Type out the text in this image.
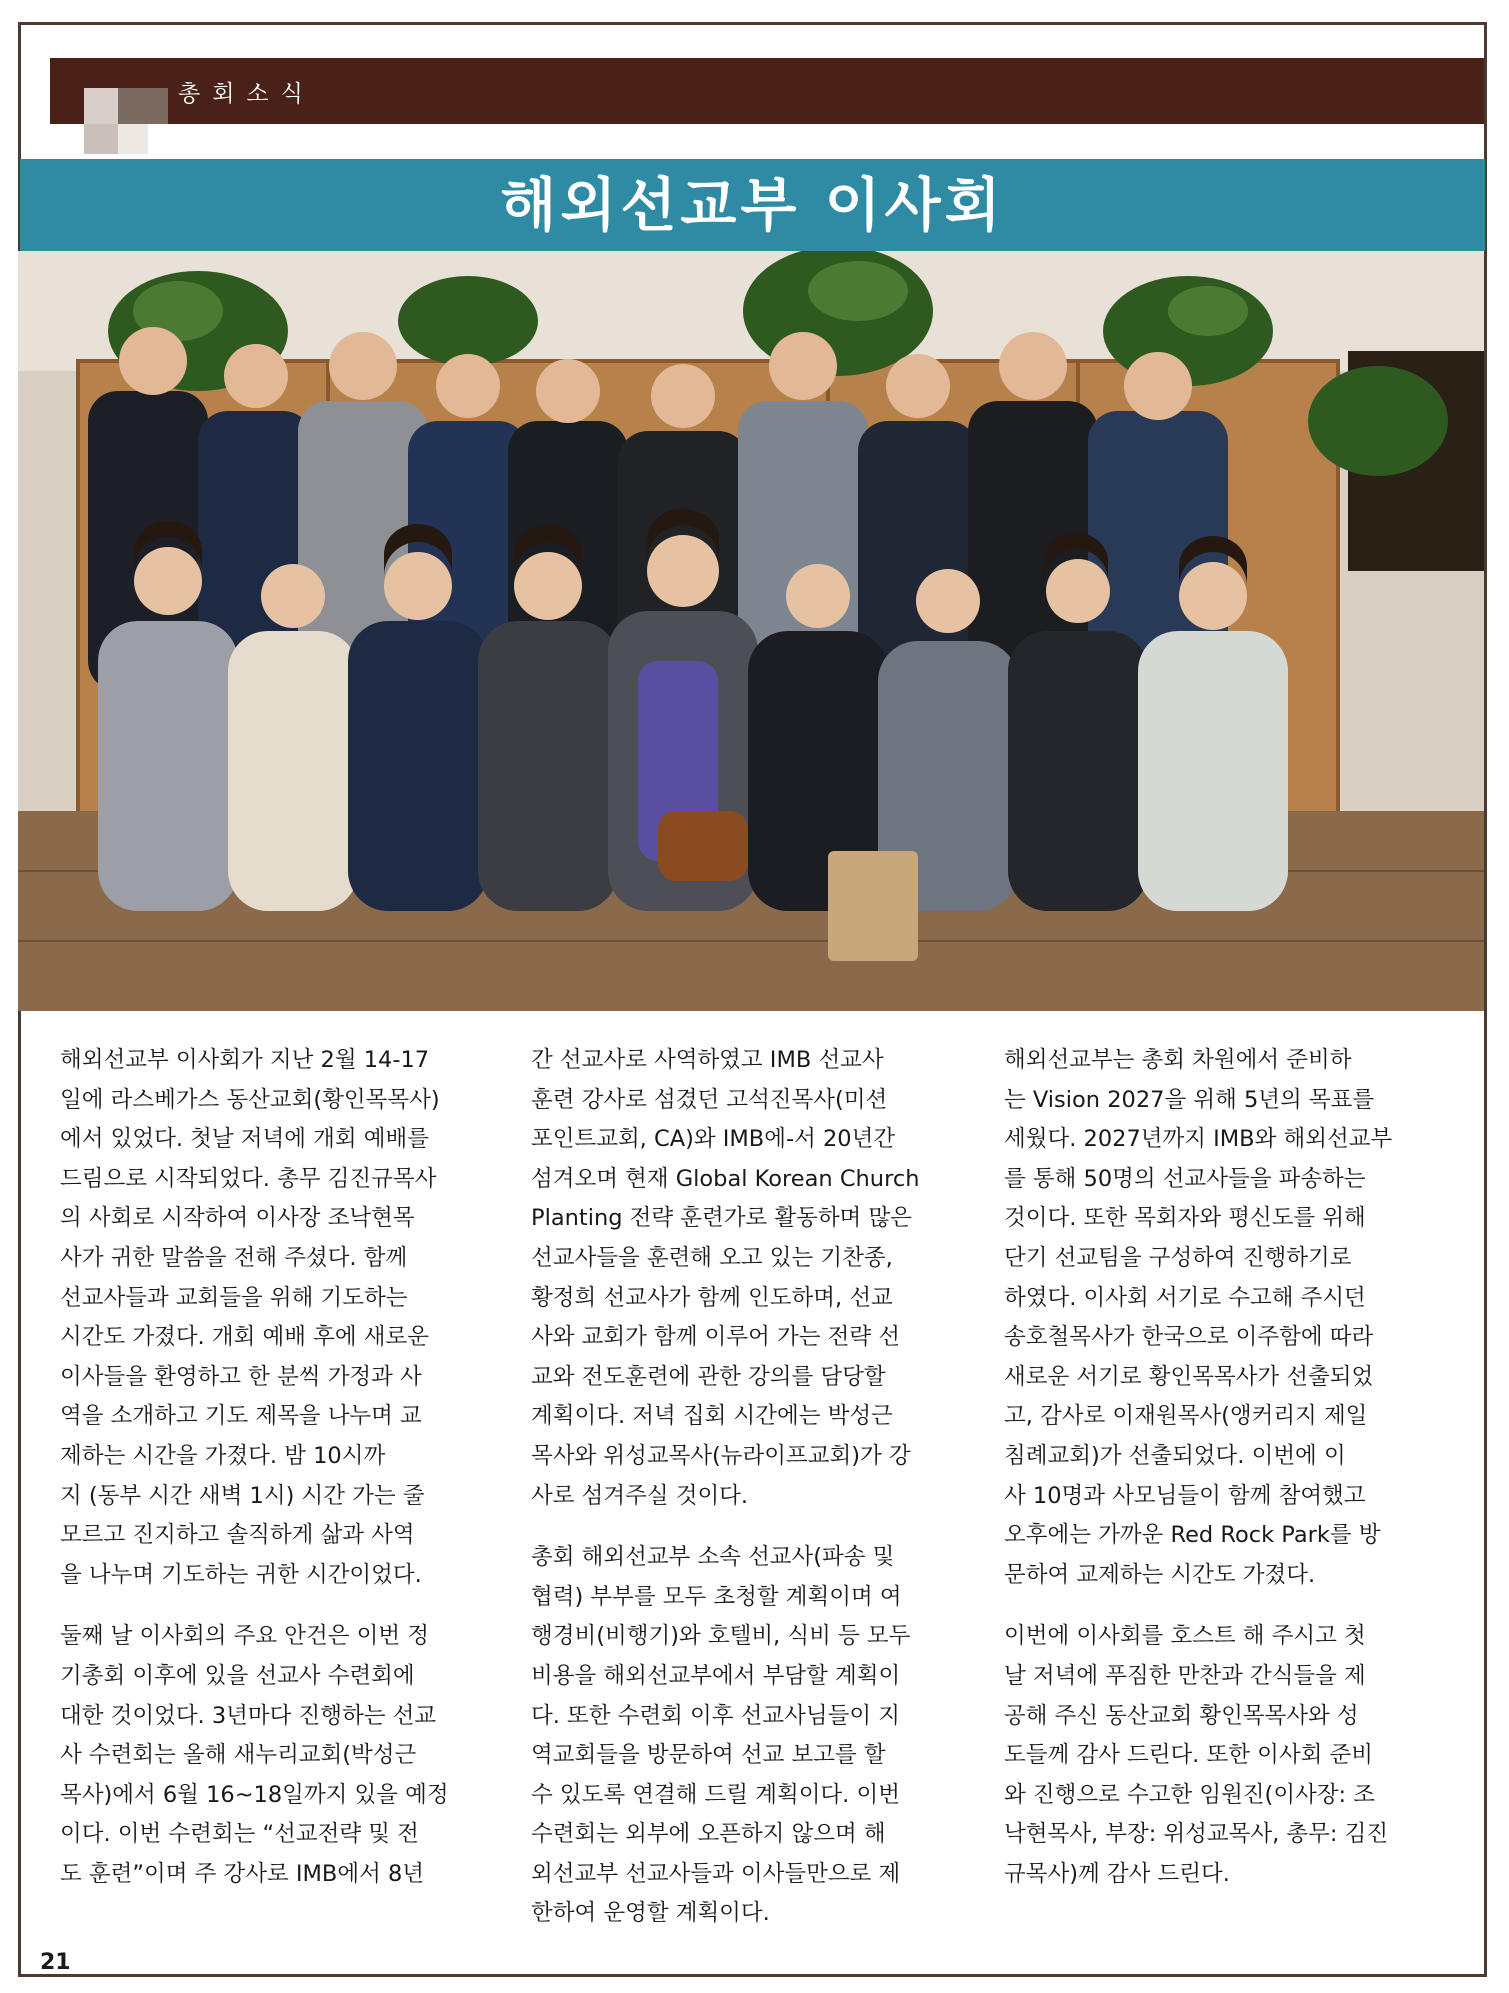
총회소식
해외선교부 이사회

해외선교부 이사회가 지난 2월 14-17
일에 라스베가스 동산교회(황인목목사)
에서 있었다. 첫날 저녁에 개회 예배를
드림으로 시작되었다. 총무 김진규목사
의 사회로 시작하여 이사장 조낙현목
사가 귀한 말씀을 전해 주셨다. 함께
선교사들과 교회들을 위해 기도하는
시간도 가졌다. 개회 예배 후에 새로운
이사들을 환영하고 한 분씩 가정과 사
역을 소개하고 기도 제목을 나누며 교
제하는 시간을 가졌다. 밤 10시까
지 (동부 시간 새벽 1시) 시간 가는 줄
모르고 진지하고 솔직하게 삶과 사역
을 나누며 기도하는 귀한 시간이었다.

둘째 날 이사회의 주요 안건은 이번 정
기총회 이후에 있을 선교사 수련회에
대한 것이었다. 3년마다 진행하는 선교
사 수련회는 올해 새누리교회(박성근
목사)에서 6월 16~18일까지 있을 예정
이다. 이번 수련회는 “선교전략 및 전
도 훈련”이며 주 강사로 IMB에서 8년

간 선교사로 사역하였고 IMB 선교사
훈련 강사로 섬겼던 고석진목사(미션
포인트교회, CA)와 IMB에-서 20년간
섬겨오며 현재 Global Korean Church
Planting 전략 훈련가로 활동하며 많은
선교사들을 훈련해 오고 있는 기찬종,
황정희 선교사가 함께 인도하며, 선교
사와 교회가 함께 이루어 가는 전략 선
교와 전도훈련에 관한 강의를 담당할
계획이다. 저녁 집회 시간에는 박성근
목사와 위성교목사(뉴라이프교회)가 강
사로 섬겨주실 것이다.

총회 해외선교부 소속 선교사(파송 및
협력) 부부를 모두 초청할 계획이며 여
행경비(비행기)와 호텔비, 식비 등 모두
비용을 해외선교부에서 부담할 계획이
다. 또한 수련회 이후 선교사님들이 지
역교회들을 방문하여 선교 보고를 할
수 있도록 연결해 드릴 계획이다. 이번
수련회는 외부에 오픈하지 않으며 해
외선교부 선교사들과 이사들만으로 제
한하여 운영할 계획이다.

해외선교부는 총회 차원에서 준비하
는 Vision 2027을 위해 5년의 목표를
세웠다. 2027년까지 IMB와 해외선교부
를 통해 50명의 선교사들을 파송하는
것이다. 또한 목회자와 평신도를 위해
단기 선교팀을 구성하여 진행하기로
하였다. 이사회 서기로 수고해 주시던
송호철목사가 한국으로 이주함에 따라
새로운 서기로 황인목목사가 선출되었
고, 감사로 이재원목사(앵커리지 제일
침례교회)가 선출되었다. 이번에 이
사 10명과 사모님들이 함께 참여했고
오후에는 가까운 Red Rock Park를 방
문하여 교제하는 시간도 가졌다.

이번에 이사회를 호스트 해 주시고 첫
날 저녁에 푸짐한 만찬과 간식들을 제
공해 주신 동산교회 황인목목사와 성
도들께 감사 드린다. 또한 이사회 준비
와 진행으로 수고한 임원진(이사장: 조
낙현목사, 부장: 위성교목사, 총무: 김진
규목사)께 감사 드린다.

21
